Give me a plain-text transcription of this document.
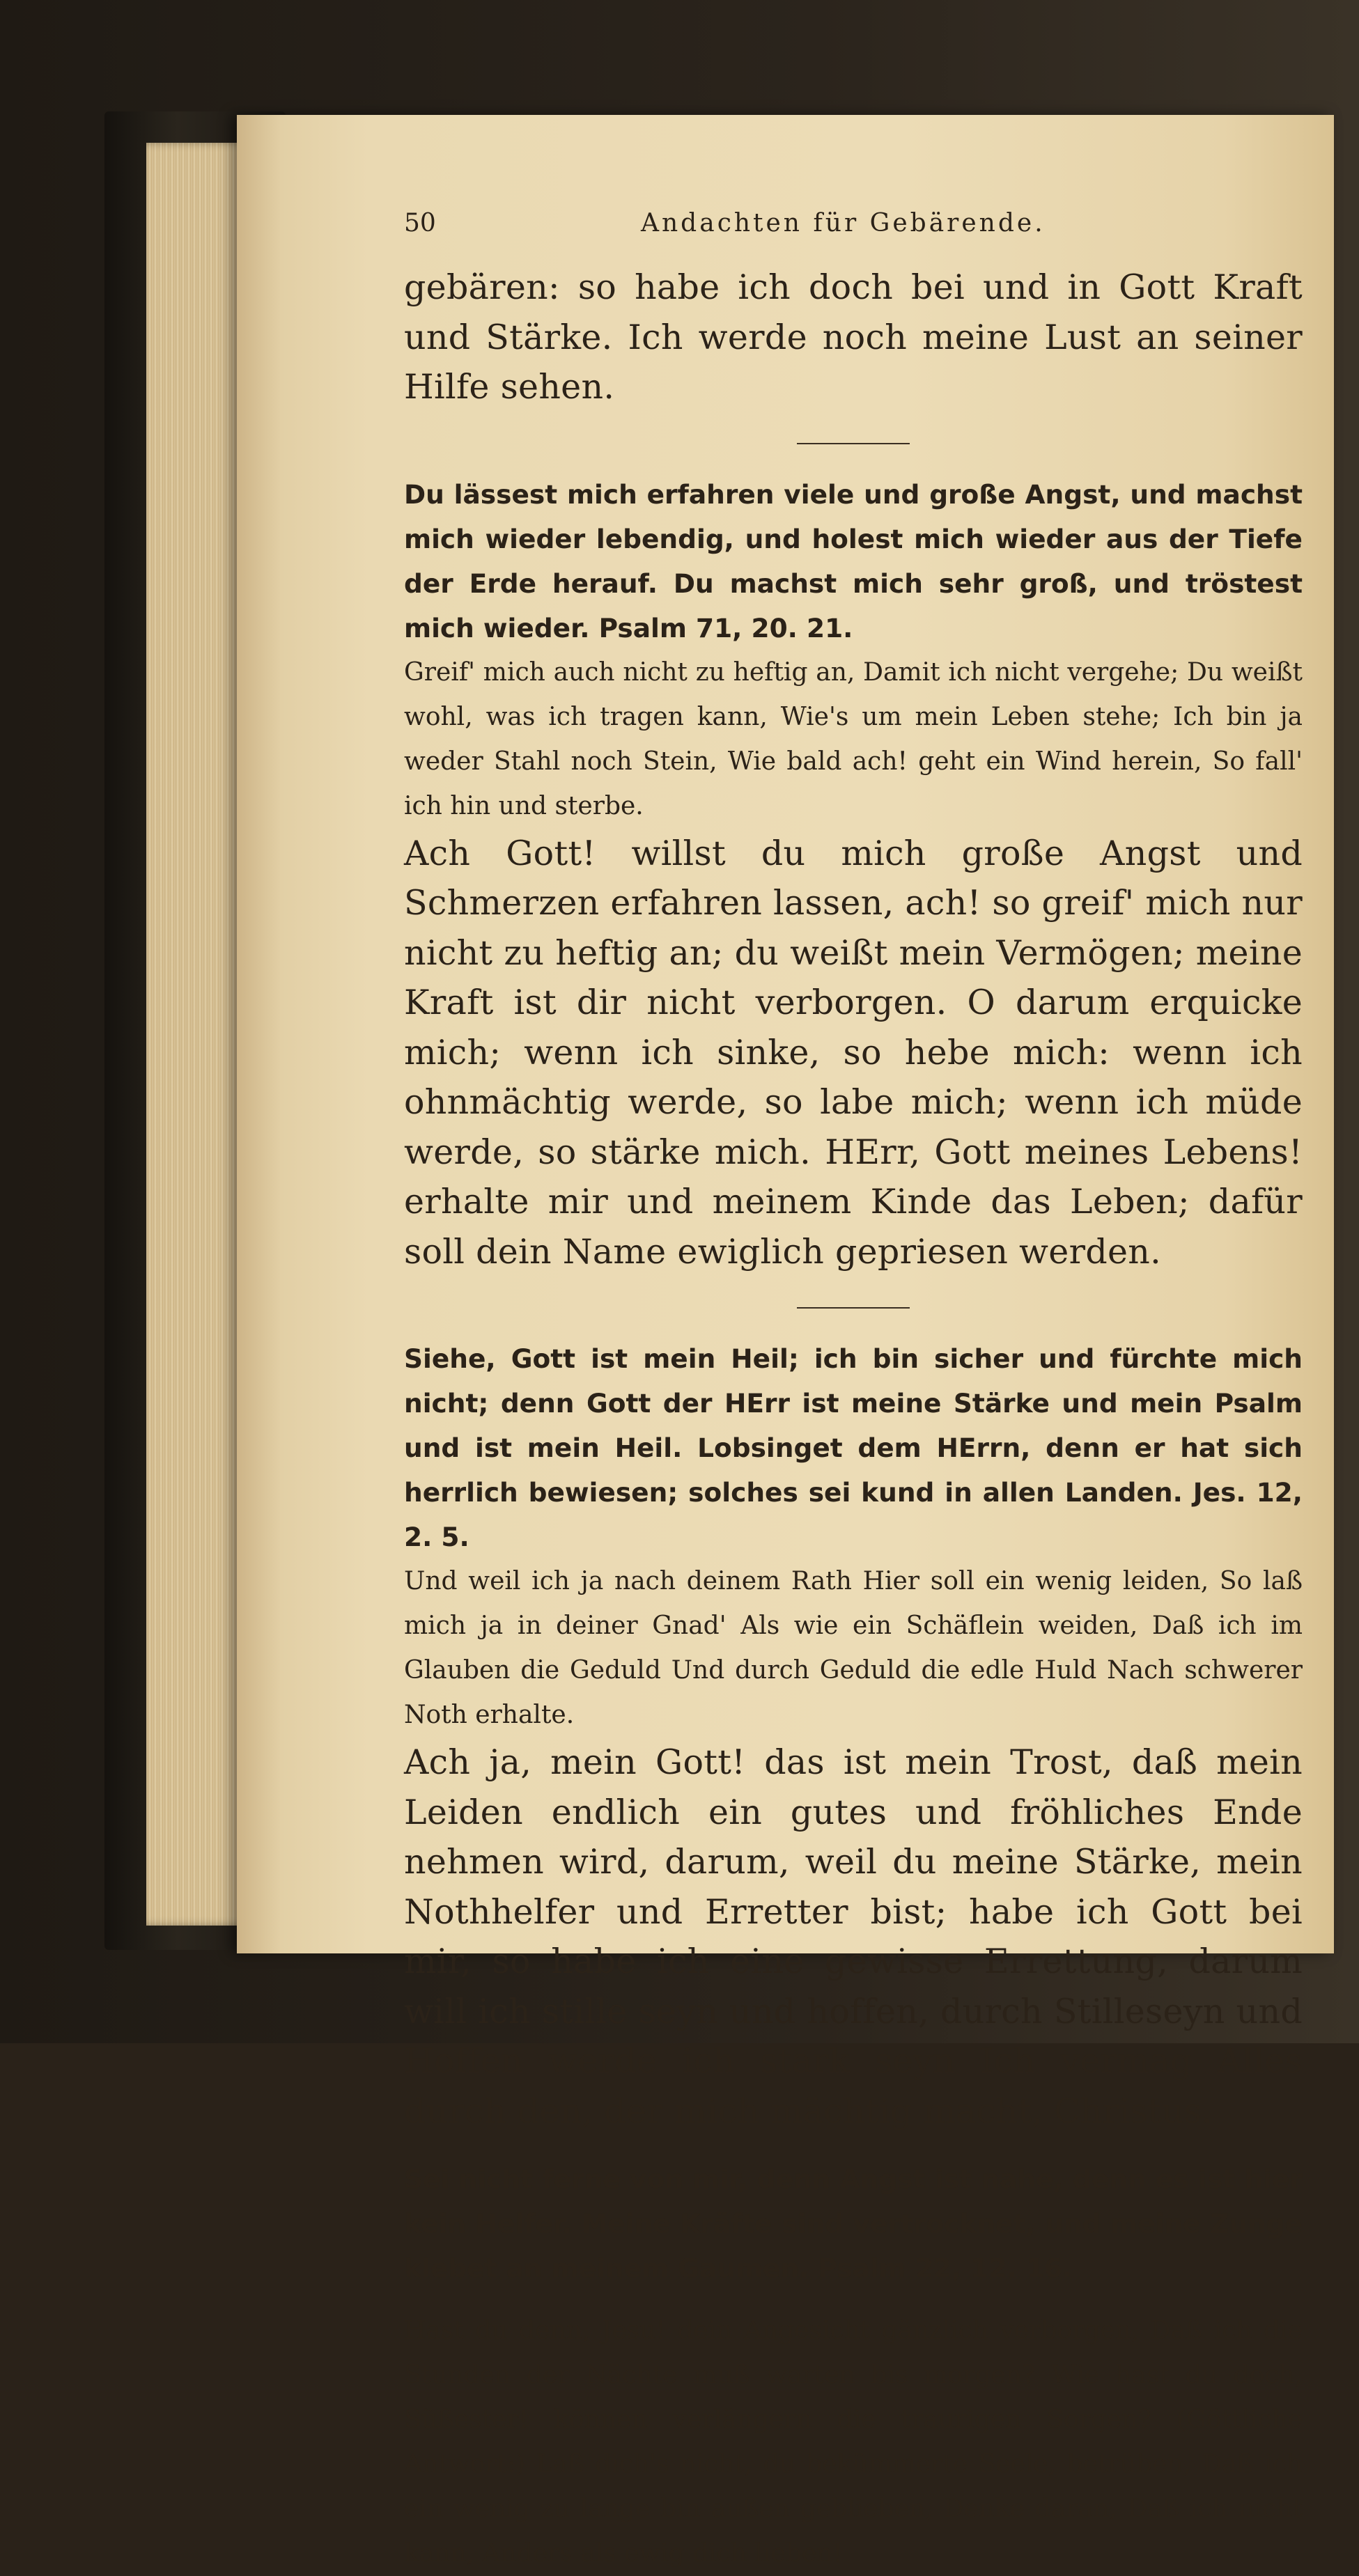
50	Andachten für Gebärende.

gebären: so habe ich doch bei und in Gott Kraft und Stärke. Ich werde noch meine Lust an seiner Hilfe sehen.

Du lässest mich erfahren viele und große Angst, und machst mich wieder lebendig, und holest mich wieder aus der Tiefe der Erde herauf. Du machst mich sehr groß, und tröstest mich wieder. Psalm 71, 20. 21.

Greif' mich auch nicht zu heftig an, Damit ich nicht vergehe; Du weißt wohl, was ich tragen kann, Wie's um mein Leben stehe; Ich bin ja weder Stahl noch Stein, Wie bald ach! geht ein Wind herein, So fall' ich hin und sterbe.

Ach Gott! willst du mich große Angst und Schmerzen erfahren lassen, ach! so greif' mich nur nicht zu heftig an; du weißt mein Vermögen; meine Kraft ist dir nicht verborgen. O darum erquicke mich; wenn ich sinke, so hebe mich: wenn ich ohnmächtig werde, so labe mich; wenn ich müde werde, so stärke mich. HErr, Gott meines Lebens! erhalte mir und meinem Kinde das Leben; dafür soll dein Name ewiglich gepriesen werden.

Siehe, Gott ist mein Heil; ich bin sicher und fürchte mich nicht; denn Gott der HErr ist meine Stärke und mein Psalm und ist mein Heil. Lobsinget dem HErrn, denn er hat sich herrlich bewiesen; solches sei kund in allen Landen. Jes. 12, 2. 5.

Und weil ich ja nach deinem Rath Hier soll ein wenig leiden, So laß mich ja in deiner Gnad' Als wie ein Schäflein weiden, Daß ich im Glauben die Geduld Und durch Geduld die edle Huld Nach schwerer Noth erhalte.

Ach ja, mein Gott! das ist mein Trost, daß mein Leiden endlich ein gutes und fröhliches Ende nehmen wird, darum, weil du meine Stärke, mein Nothhelfer und Erretter bist; habe ich Gott bei mir, so habe ich eine gewisse Errettung, darum will ich stille seyn und hoffen, durch Stilleseyn und Hoffen werde ich stark seyn Ich vermag Alles durch den, der mich mächtig macht, Christus.

Sei nicht ferne von mir, denn Angst ist nahe, denn es ist hier kein Helfer. Meine Kräfte sind vertrocknet, und meine Zunge klebet an meinem Gaumen. Psalm 22, 12. 16.

Hast du denn, Jesu! dein Angesicht gänzlich verborgen, Daß ich die Stunden der Nächte muß warten bis morgen? Wie hast du doch, Süßester! können verlängern die traurigen Sorgen? (Göttliche Antwort:) Laß dich's nicht, du bekümmerte Seele, betrüben, Daß ich ein wenig zu lange bin außen geblieben, Denke daran, Daß ich nicht kann, Anders als ewig dich lieben!
